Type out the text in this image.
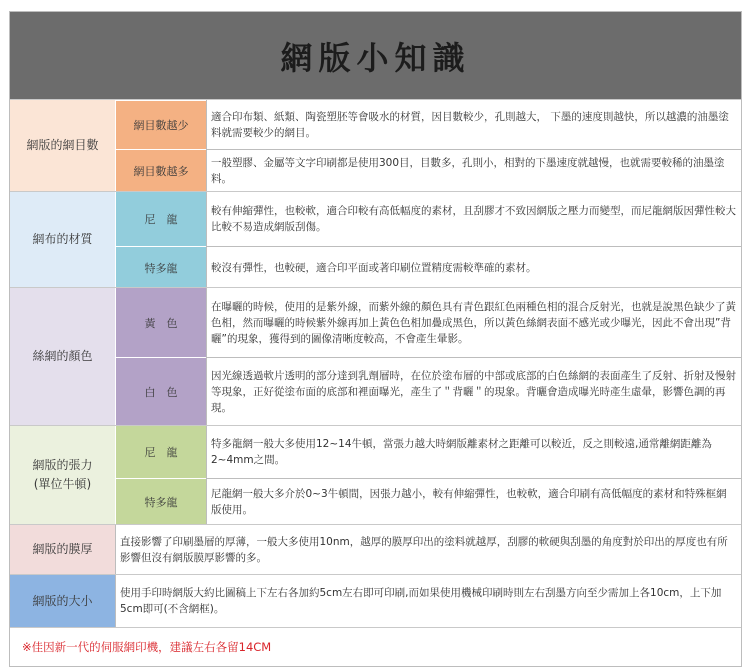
網版小知識
網版的網目數
網目數越少
適合印布類、紙類、陶瓷塑胚等會吸水的材質，因目數較少，孔則越大， 下墨的速度則越快，所以越濃的油墨塗料就需要較少的網目。
網目數越多
一般塑膠、金屬等文字印刷都是使用300目，目數多，孔則小，相對的下墨速度就越慢，也就需要較稀的油墨塗料。
網布的材質
尼　龍
較有伸縮彈性，也較軟，適合印較有高低幅度的素材，且刮膠才不致因網版之壓力而變型，而尼龍網版因彈性較大比較不易造成網版刮傷。
特多龍	較沒有彈性，也較硬，適合印平面或著印刷位置精度需較準確的素材。
絲網的顏色
黃　色
在曝曬的時候，使用的是紫外線，而紫外線的顏色具有青色跟紅色兩種色相的混合反射光，也就是說黑色缺少了黃色相，然而曝曬的時候紫外線再加上黃色色相加疊成黑色，所以黃色絲網表面不感光或少曝光，因此不會出現”背曬”的現象，獲得到的圖像清晰度較高，不會產生暈影。
白　色
因光線透過軟片透明的部分達到乳劑層時，在位於塗布層的中部或底部的白色絲網的表面產生了反射、折射及慢射等現象，正好從塗布面的底部和裡面曝光，產生了＂背曬＂的現象。背曬會造成曝光時產生虛暈，影響色調的再現。
網版的張力
(單位牛頓)
尼　龍
特多龍網一般大多使用12~14牛頓，當張力越大時網版離素材之距離可以較近，反之則較遠,通常離網距離為2~4mm之間。
特多龍
尼龍網一般大多介於0~3牛頓間，因張力越小，較有伸縮彈性，也較軟，適合印刷有高低幅度的素材和特殊框網版使用。
網版的膜厚
直接影響了印刷墨層的厚薄，一般大多使用10nm，越厚的膜厚印出的塗料就越厚，刮膠的軟硬與刮墨的角度對於印出的厚度也有所影響但沒有網版膜厚影響的多。
網版的大小
使用手印時網版大約比圖稿上下左右各加約5cm左右即可印刷,而如果使用機械印刷時則左右刮墨方向至少需加上各10cm，上下加5cm即可(不含網框)。
※佳因新一代的伺服網印機，建議左右各留14CM
